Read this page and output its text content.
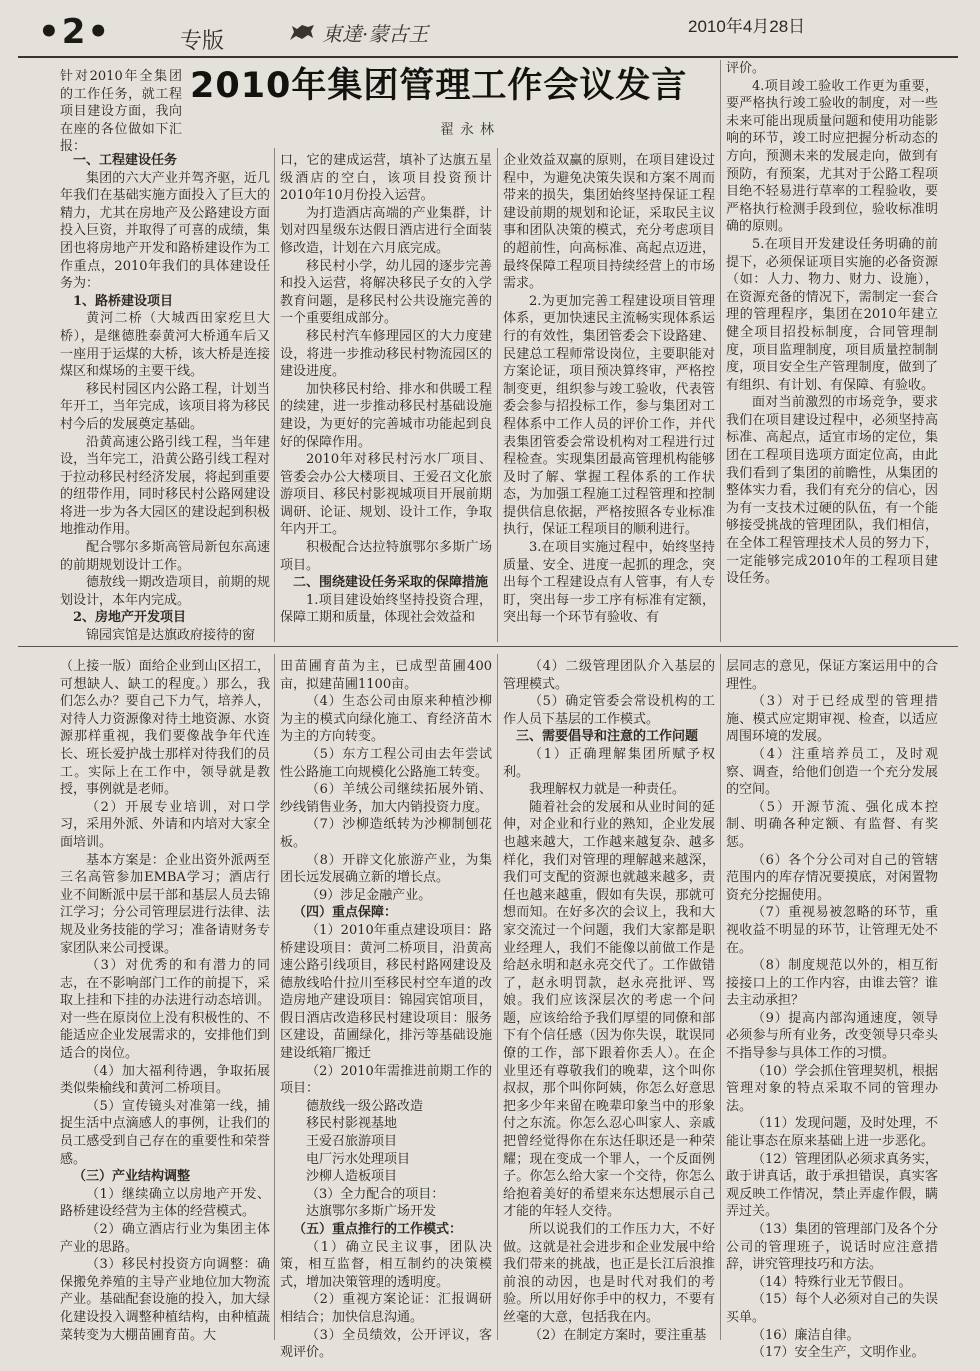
•2•	专版	東達·蒙古王	2010年4月28日
2010年集团管理工作会议发言
翟永林

针对2010年全集团的工作任务，就工程项目建设方面，我向在座的各位做如下汇报：

一、工程建设任务

集团的六大产业并驾齐驱，近几年我们在基础实施方面投入了巨大的精力，尤其在房地产及公路建设方面投入巨资，并取得了可喜的成绩，集团也将房地产开发和路桥建设作为工作重点，2010年我们的具体建设任务为：

1、路桥建设项目

黄河二桥（大城西田家疙旦大桥），是继德胜泰黄河大桥通车后又一座用于运煤的大桥，该大桥是连接煤区和煤场的主要干线。

移民村园区内公路工程，计划当年开工，当年完成，该项目将为移民村今后的发展奠定基础。

沿黄高速公路引线工程，当年建设，当年完工，沿黄公路引线工程对于拉动移民村经济发展，将起到重要的纽带作用，同时移民村公路网建设将进一步为各大园区的建设起到积极地推动作用。

配合鄂尔多斯高管局新包东高速的前期规划设计工作。

德敖线一期改造项目，前期的规划设计，本年内完成。

2、房地产开发项目

锦园宾馆是达旗政府接待的窗

口，它的建成运营，填补了达旗五星级酒店的空白，该项目投资预计2010年10月份投入运营。

为打造酒店高端的产业集群，计划对四星级东达假日酒店进行全面装修改造，计划在六月底完成。

移民村小学，幼儿园的逐步完善和投入运营，将解决移民子女的入学教育问题，是移民村公共设施完善的一个重要组成部分。

移民村汽车修理园区的大力度建设，将进一步推动移民村物流园区的建设进度。

加快移民村给、排水和供暖工程的续建，进一步推动移民村基础设施建设，为更好的完善城市功能起到良好的保障作用。

2010年对移民村污水厂项目、管委会办公大楼项目、王爱召文化旅游项目、移民村影视城项目开展前期调研、论证、规划、设计工作，争取年内开工。

积极配合达拉特旗鄂尔多斯广场项目。

二、围绕建设任务采取的保障措施

1.项目建设始终坚持投资合理，保障工期和质量，体现社会效益和

企业效益双赢的原则，在项目建设过程中，为避免决策失误和方案不周而带来的损失，集团始终坚持保证工程建设前期的规划和论证，采取民主议事和团队决策的模式，充分考虑项目的超前性，向高标准、高起点迈进，最终保障工程项目持续经营上的市场需求。

2.为更加完善工程建设项目管理体系，更加快速民主流畅实现体系运行的有效性，集团管委会下设路建、民建总工程师常设岗位，主要职能对方案论证，项目预决算终审，严格控制变更，组织参与竣工验收，代表管委会参与招投标工作，参与集团对工程体系中工作人员的评价工作，并代表集团管委会常设机构对工程进行过程检查。实现集团最高管理机构能够及时了解、掌握工程体系的工作状态，为加强工程施工过程管理和控制提供信息依据，严格按照各专业标准执行，保证工程项目的顺利进行。

3.在项目实施过程中，始终坚持质量、安全、进度一起抓的理念，突出每个工程建设点有人管事，有人专盯，突出每一步工序有标准有定额，突出每一个环节有验收、有

评价。

4.项目竣工验收工作更为重要，要严格执行竣工验收的制度，对一些未来可能出现质量问题和使用功能影响的环节，竣工时应把握分析动态的方向，预测未来的发展走向，做到有预防，有预案，尤其对于公路工程项目绝不轻易进行草率的工程验收，要严格执行检测手段到位，验收标准明确的原则。

5.在项目开发建设任务明确的前提下，必须保证项目实施的必备资源（如：人力、物力、财力、设施），在资源充备的情况下，需制定一套合理的管理程序，集团在2010年建立健全项目招投标制度，合同管理制度，项目监理制度，项目质量控制制度，项目安全生产管理制度，做到了有组织、有计划、有保障、有验收。

面对当前激烈的市场竞争，要求我们在项目建设过程中，必须坚持高标准、高起点，适宜市场的定位，集团在工程项目选项方面定位高，由此我们看到了集团的前瞻性，从集团的整体实力看，我们有充分的信心，因为有一支技术过硬的队伍，有一个能够接受挑战的管理团队，我们相信，在全体工程管理技术人员的努力下，一定能够完成2010年的工程项目建设任务。

（上接一版）面给企业到山区招工，可想缺人、缺工的程度。）那么，我们怎么办？要自己下力气，培养人，对待人力资源像对待土地资源、水资源那样重视，我们要像战争年代连长、班长爱护战士那样对待我们的员工。实际上在工作中，领导就是教授，事例就是老师。

（2）开展专业培训，对口学习，采用外派、外请和内培对大家全面培训。

基本方案是：企业出资外派两至三名高管参加EMBA学习；酒店行业不间断派中层干部和基层人员去锦江学习；分公司管理层进行法律、法规及业务技能的学习；准备请财务专家团队来公司授课。

（3）对优秀的和有潜力的同志，在不影响部门工作的前提下，采取上挂和下挂的办法进行动态培训。对一些在原岗位上没有积极性的、不能适应企业发展需求的，安排他们到适合的岗位。

（4）加大福利待遇，争取拓展类似柴榆线和黄河二桥项目。

（5）宣传镜头对准第一线，捕捉生活中点滴感人的事例，让我们的员工感受到自己存在的重要性和荣誉感。

（三）产业结构调整

（1）继续确立以房地产开发、路桥建设经营为主体的经营模式。

（2）确立酒店行业为集团主体产业的思路。

（3）移民村投资方向调整：确保搬免养殖的主导产业地位加大物流产业。基础配套设施的投入，加大绿化建设投入调整种植结构，由种植蔬菜转变为大棚苗圃育苗。大

田苗圃育苗为主，已成型苗圃400亩，拟建苗圃1100亩。

（4）生态公司由原来种植沙柳为主的模式向绿化施工、育经济苗木为主的方向转变。

（5）东方工程公司由去年尝试性公路施工向规模化公路施工转变。

（6）羊绒公司继续拓展外销、纱线销售业务，加大内销投资力度。

（7）沙柳造纸转为沙柳制刨花板。

（8）开辟文化旅游产业，为集团长远发展确立新的增长点。

（9）涉足金融产业。

（四）重点保障：

（1）2010年重点建设项目：路桥建设项目：黄河二桥项目，沿黄高速公路引线项目，移民村路网建设及德敖线哈什拉川至移民村空车道的改造房地产建设项目：锦园宾馆项目，假日酒店改造移民村建设项目：服务区建设，苗圃绿化，排污等基础设施建设纸箱厂搬迁

（2）2010年需推进前期工作的项目：

德敖线一级公路改造

移民村影视基地

王爱召旅游项目

电厂污水处理项目

沙柳人造板项目

（3）全力配合的项目：

达旗鄂尔多斯广场开发

（五）重点推行的工作模式：

（1）确立民主议事，团队决策，相互监督，相互制约的决策模式，增加决策管理的透明度。

（2）重视方案论证：汇报调研相结合；加快信息沟通。

（3）全员绩效，公开评议，客观评价。

（4）二级管理团队介入基层的管理模式。

（5）确定管委会常设机构的工作人员下基层的工作模式。

三、需要倡导和注意的工作问题

（1）正确理解集团所赋予权利。

我理解权力就是一种责任。

随着社会的发展和从业时间的延伸，对企业和行业的熟知，企业发展也越来越大，工作越来越复杂、越多样化，我们对管理的理解越来越深，我们可支配的资源也就越来越多，责任也越来越重，假如有失误，那就可想而知。在好多次的会议上，我和大家交流过一个问题，我们大家都是职业经理人，我们不能像以前做工作是给赵永明和赵永亮交代了。工作做错了，赵永明罚款，赵永亮批评、骂娘。我们应该深层次的考虑一个问题，应该给给予我们厚望的同僚和部下有个信任感（因为你失误，耽误同僚的工作，部下跟着你丢人）。在企业里还有尊敬我们的晚辈，这个叫你叔叔，那个叫你阿姨，你怎么好意思把多少年来留在晚辈印象当中的形象付之东流。你怎么忍心叫家人、亲戚把曾经觉得你在东达任职还是一种荣耀；现在变成一个罪人，一个反面例子。你怎么给大家一个交待，你怎么给抱着美好的希望来东达想展示自己才能的年轻人交待。

所以说我们的工作压力大，不好做。这就是社会进步和企业发展中给我们带来的挑战，也正是长江后浪推前浪的动因，也是时代对我们的考验。所以用好你手中的权力，不要有丝毫的大意，包括我在内。

（2）在制定方案时，要注重基

层同志的意见，保证方案运用中的合理性。

（3）对于已经成型的管理措施、模式应定期审视、检查，以适应周围环境的发展。

（4）注重培养员工，及时观察、调查，给他们创造一个充分发展的空间。

（5）开源节流、强化成本控制、明确各种定额、有监督、有奖惩。

（6）各个分公司对自己的管辖范围内的库存情况要摸底，对闲置物资充分挖掘使用。

（7）重视易被忽略的环节，重视收益不明显的环节，让管理无处不在。

（8）制度规范以外的，相互衔接接口上的工作内容，由谁去管？谁去主动承担？

（9）提高内部沟通速度，领导必须参与所有业务，改变领导只牵头不指导参与具体工作的习惯。

（10）学会抓住管理契机，根据管理对象的特点采取不同的管理办法。

（11）发现问题，及时处理，不能让事态在原来基础上进一步恶化。

（12）管理团队必须求真务实，敢于讲真话，敢于承担错误，真实客观反映工作情况，禁止弄虚作假，瞒弄过关。

（13）集团的管理部门及各个分公司的管理班子，说话时应注意措辞，讲究管理技巧和方法。

（14）特殊行业无节假日。

（15）每个人必须对自己的失误买单。

（16）廉洁自律。

（17）安全生产，文明作业。
